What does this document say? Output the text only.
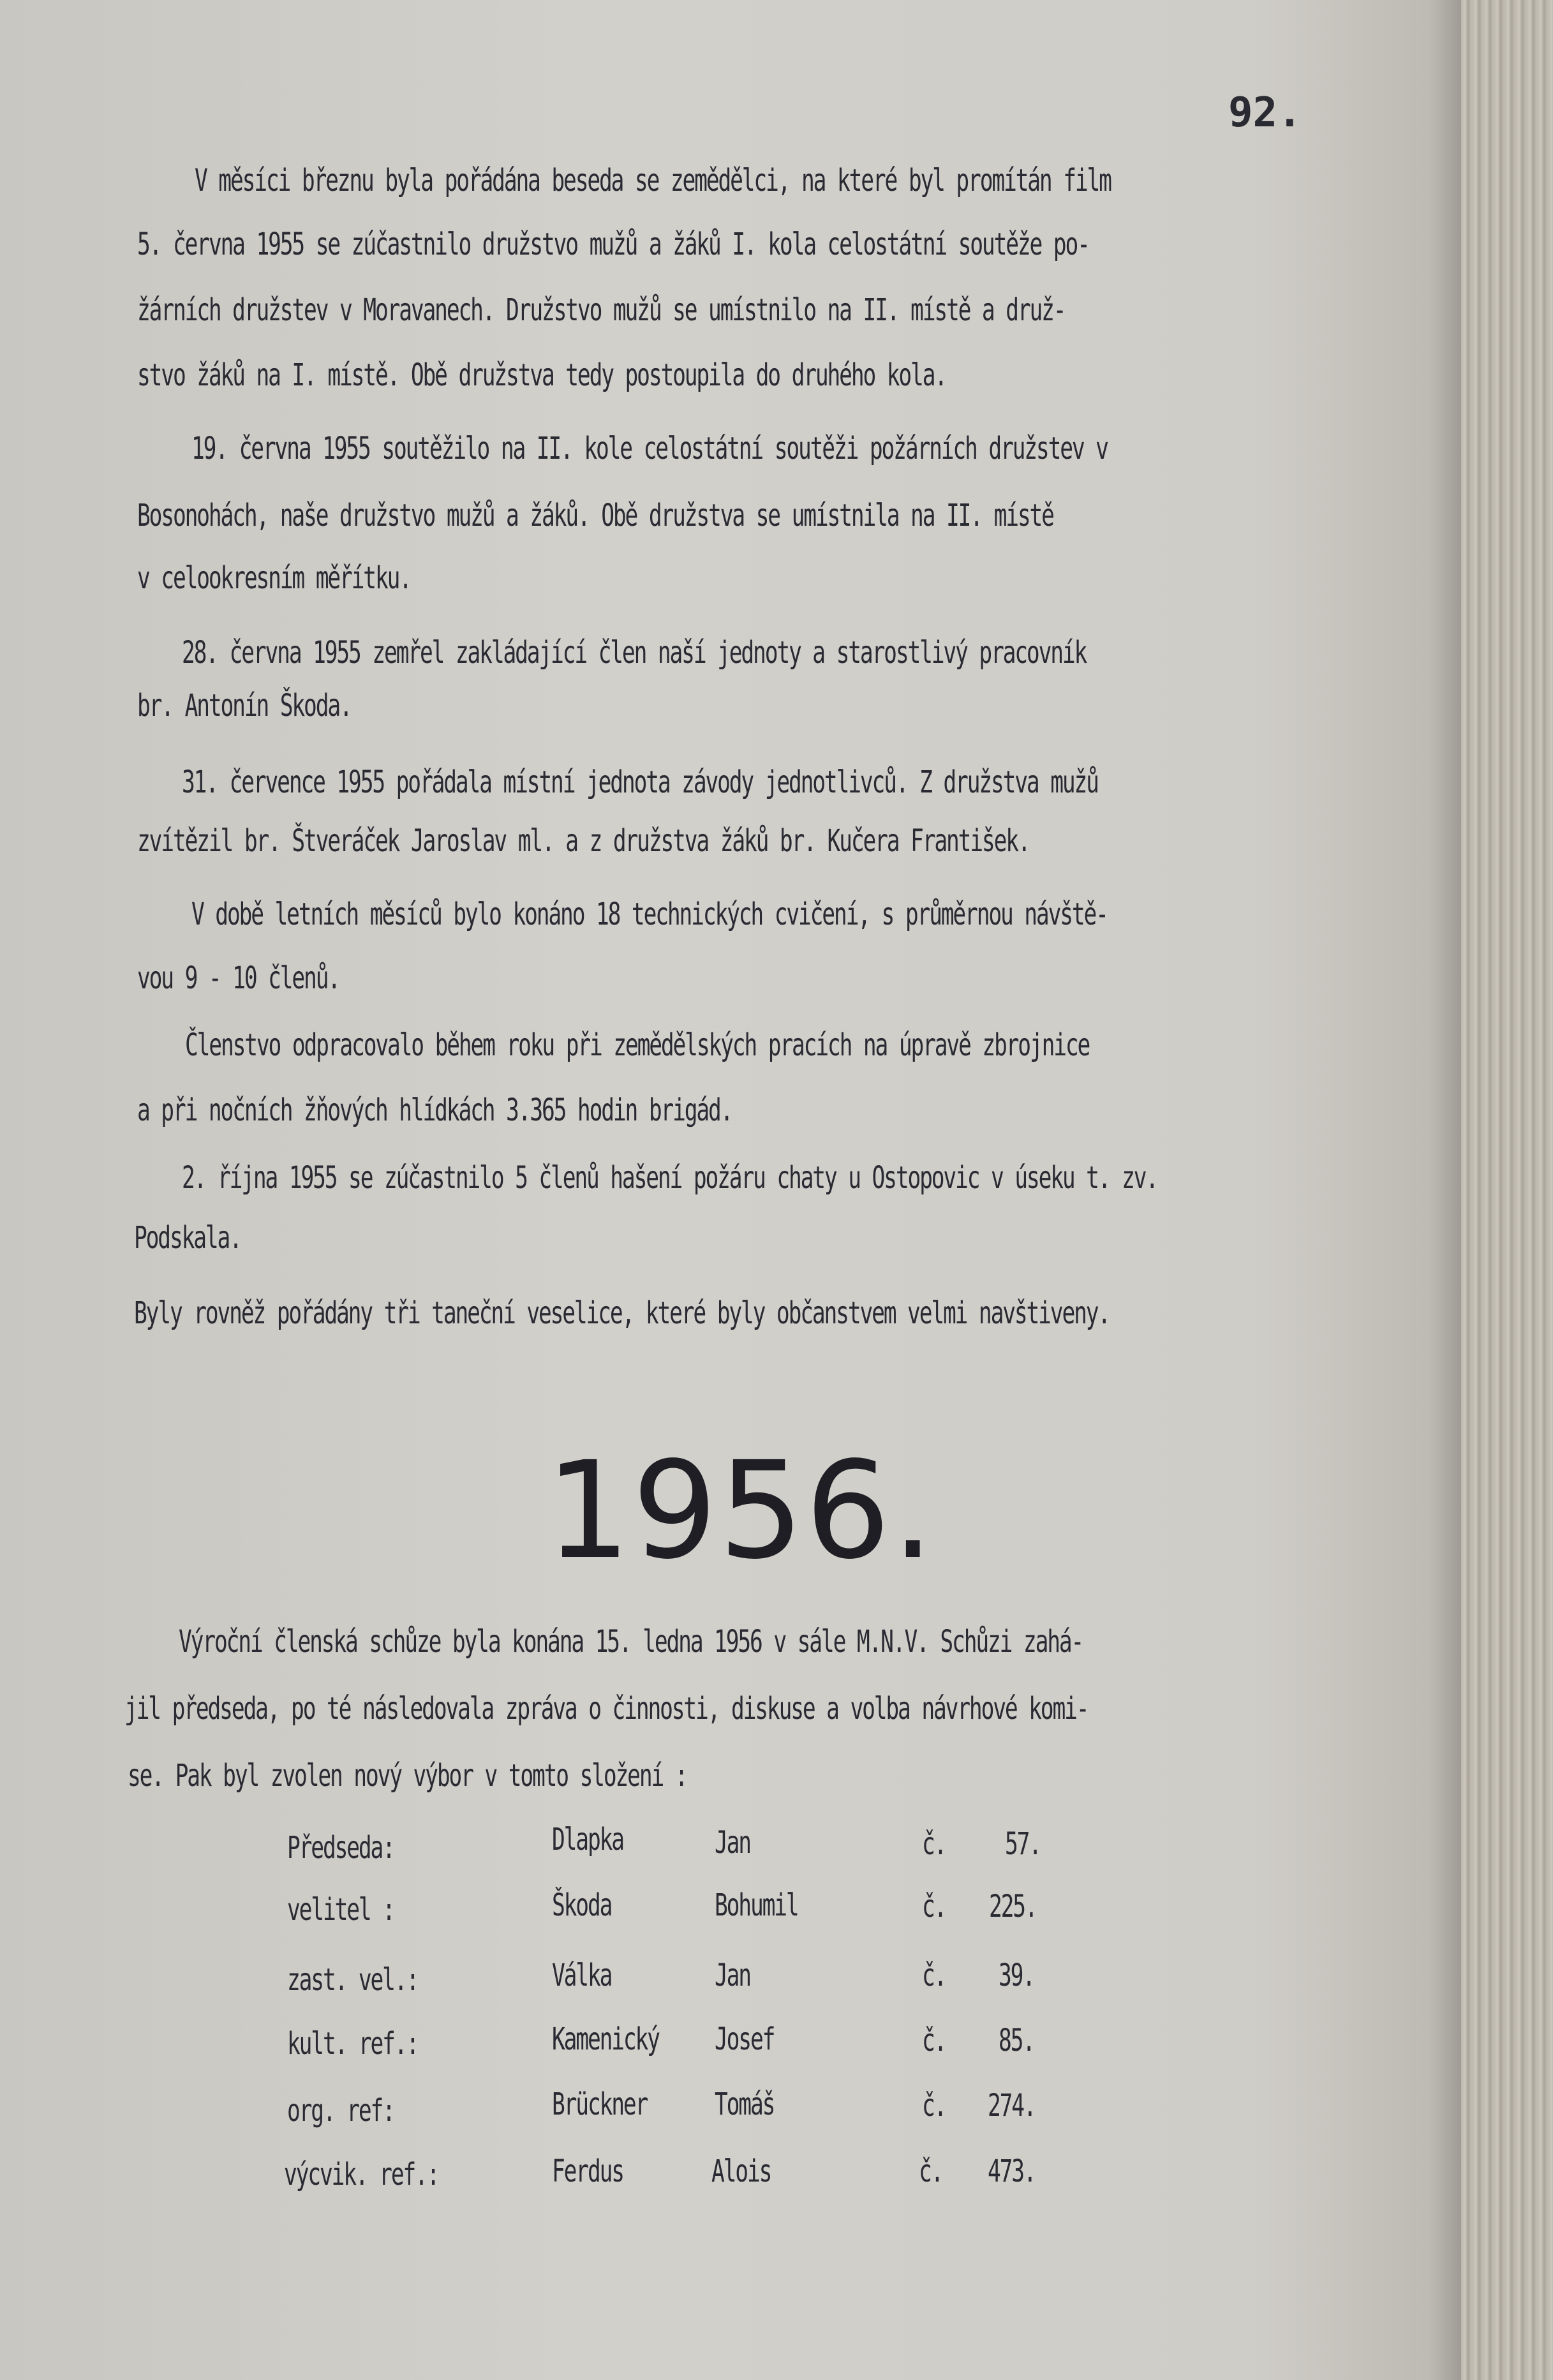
92.
V měsíci březnu byla pořádána beseda se zemědělci, na které byl promítán film
5. června 1955 se zúčastnilo družstvo mužů a žáků I. kola celostátní soutěže po-
žárních družstev v Moravanech. Družstvo mužů se umístnilo na II. místě a druž-
stvo žáků na I. místě. Obě družstva tedy postoupila do druhého kola.
19. června 1955 soutěžilo na II. kole celostátní soutěži požárních družstev v
Bosonohách, naše družstvo mužů a žáků. Obě družstva se umístnila na II. místě
v celookresním měřítku.
28. června 1955 zemřel zakládající člen naší jednoty a starostlivý pracovník
br. Antonín Škoda.
31. července 1955 pořádala místní jednota závody jednotlivců. Z družstva mužů
zvítězil br. Štveráček Jaroslav ml. a z družstva žáků br. Kučera František.
V době letních měsíců bylo konáno 18 technických cvičení, s průměrnou návště-
vou 9 - 10 členů.
Členstvo odpracovalo během roku při zemědělských pracích na úpravě zbrojnice
a při nočních žňových hlídkách 3.365 hodin brigád.
2. října 1955 se zúčastnilo 5 členů hašení požáru chaty u Ostopovic v úseku t. zv.
Podskala.
Byly rovněž pořádány tři taneční veselice, které byly občanstvem velmi navštiveny.
1956.
Výroční členská schůze byla konána 15. ledna 1956 v sále M.N.V. Schůzi zahá-
jil předseda, po té následovala zpráva o činnosti, diskuse a volba návrhové komi-
se. Pak byl zvolen nový výbor v tomto složení :
Předseda:	Dlapka	Jan	č. 57.
velitel :	Škoda	Bohumil	č. 225.
zast. vel.:	Válka	Jan	č. 39.
kult. ref.:	Kamenický Josef	č. 85.
org. ref:	Brückner Tomáš	č. 274.
výcvik. ref.:	Ferdus	Alois	č. 473.
